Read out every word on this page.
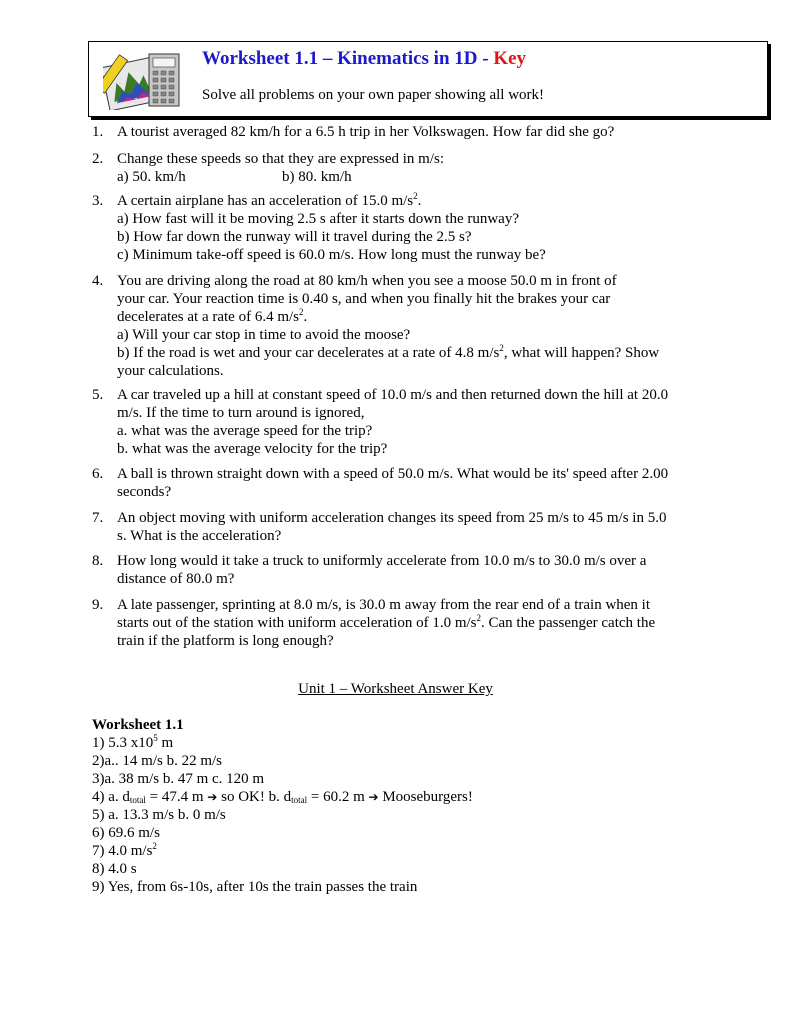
Worksheet 1.1 – Kinematics in 1D - Key
Solve all problems on your own paper showing all work!
1. A tourist averaged 82 km/h for a 6.5 h trip in her Volkswagen. How far did she go?
2. Change these speeds so that they are expressed in m/s:
a) 50. km/h	b) 80. km/h
3. A certain airplane has an acceleration of 15.0 $m/s^2$.
a) How fast will it be moving 2.5 s after it starts down the runway?
b) How far down the runway will it travel during the 2.5 s?
c) Minimum take-off speed is 60.0 m/s. How long must the runway be?
4. You are driving along the road at 80 km/h when you see a moose 50.0 m in front of
your car. Your reaction time is 0.40 s, and when you finally hit the brakes your car
decelerates at a rate of 6.4 $m/s^2$.
a) Will your car stop in time to avoid the moose?
b) If the road is wet and your car decelerates at a rate of 4.8 $m/s^2$, what will happen? Show
your calculations.
5. A car traveled up a hill at constant speed of 10.0 m/s and then returned down the hill at 20.0
m/s. If the time to turn around is ignored,
a. what was the average speed for the trip?
b. what was the average velocity for the trip?
6. A ball is thrown straight down with a speed of 50.0 m/s. What would be its' speed after 2.00
seconds?
7. An object moving with uniform acceleration changes its speed from 25 m/s to 45 m/s in 5.0
s. What is the acceleration?
8. How long would it take a truck to uniformly accelerate from 10.0 m/s to 30.0 m/s over a
distance of 80.0 m?
9. A late passenger, sprinting at 8.0 m/s, is 30.0 m away from the rear end of a train when it
starts out of the station with uniform acceleration of 1.0 $m/s^2$. Can the passenger catch the
train if the platform is long enough?
Unit 1 – Worksheet Answer Key
Worksheet 1.1
1) 5.3 $x10^5$ m
2)a.. 14 m/s b. 22 m/s
3)a. 38 m/s b. 47 m c. 120 m
4) a. $d_{total} = 47.4$ m ➔ so OK! b. $d_{total} = 60.2$ m ➔ Mooseburgers!
5) a. 13.3 m/s b. 0 m/s
6) 69.6 m/s
7) 4.0 $m/s^2$
8) 4.0 s
9) Yes, from 6s-10s, after 10s the train passes the train
